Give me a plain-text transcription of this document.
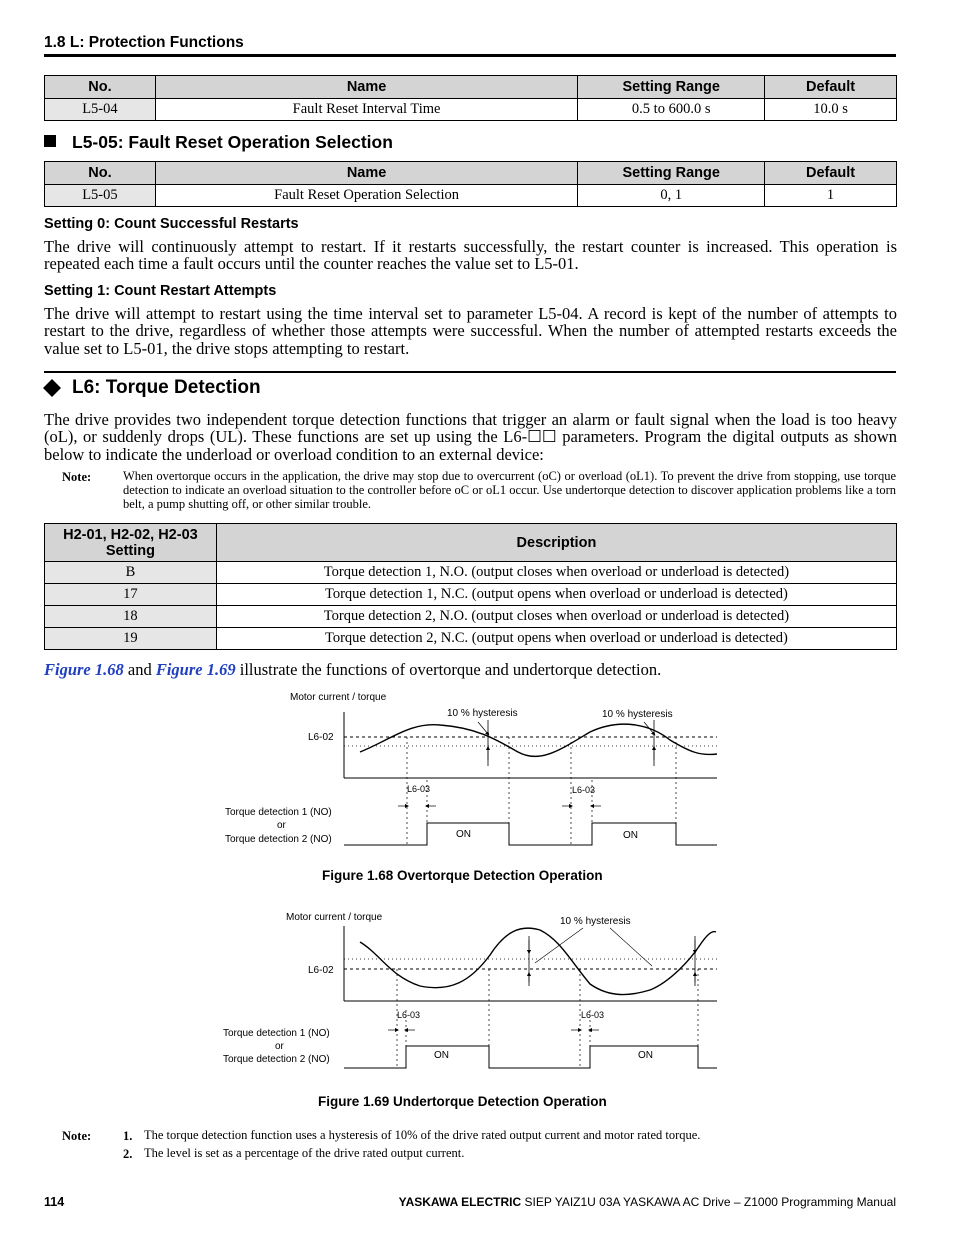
1.8 L: Protection Functions
No.	Name	Setting Range	Default
L5-04	Fault Reset Interval Time	0.5 to 600.0 s	10.0 s
L5-05: Fault Reset Operation Selection
No.	Name	Setting Range	Default
L5-05	Fault Reset Operation Selection	0, 1	1
Setting 0: Count Successful Restarts
The drive will continuously attempt to restart. If it restarts successfully, the restart counter is increased. This operation is repeated each time a fault occurs until the counter reaches the value set to L5-01.
Setting 1: Count Restart Attempts
The drive will attempt to restart using the time interval set to parameter L5-04. A record is kept of the number of attempts to restart to the drive, regardless of whether those attempts were successful. When the number of attempted restarts exceeds the value set to L5-01, the drive stops attempting to restart.
L6: Torque Detection
The drive provides two independent torque detection functions that trigger an alarm or fault signal when the load is too heavy (oL), or suddenly drops (UL). These functions are set up using the L6-☐☐ parameters. Program the digital outputs as shown below to indicate the underload or overload condition to an external device:
Note:	When overtorque occurs in the application, the drive may stop due to overcurrent (oC) or overload (oL1). To prevent the drive from stopping, use torque detection to indicate an overload situation to the controller before oC or oL1 occur. Use undertorque detection to discover application problems like a torn belt, a pump shutting off, or other similar trouble.
H2-01, H2-02, H2-03
Setting	Description
B	Torque detection 1, N.O. (output closes when overload or underload is detected)
17	Torque detection 1, N.C. (output opens when overload or underload is detected)
18	Torque detection 2, N.O. (output closes when overload or underload is detected)
19	Torque detection 2, N.C. (output opens when overload or underload is detected)
Figure 1.68 and Figure 1.69 illustrate the functions of overtorque and undertorque detection.
Motor current / torque
L6-02
10 % hysteresis	10 % hysteresis
L6-03	L6-03
Torque detection 1 (NO)
or
Torque detection 2 (NO)	ON	ON
Figure 1.68 Overtorque Detection Operation
Motor current / torque
L6-02
10 % hysteresis
L6-03	L6-03
Torque detection 1 (NO)
or
Torque detection 2 (NO)	ON	ON
Figure 1.69 Undertorque Detection Operation
Note:	1. The torque detection function uses a hysteresis of 10% of the drive rated output current and motor rated torque.
2. The level is set as a percentage of the drive rated output current.
114	YASKAWA ELECTRIC SIEP YAIZ1U 03A YASKAWA AC Drive – Z1000 Programming Manual
